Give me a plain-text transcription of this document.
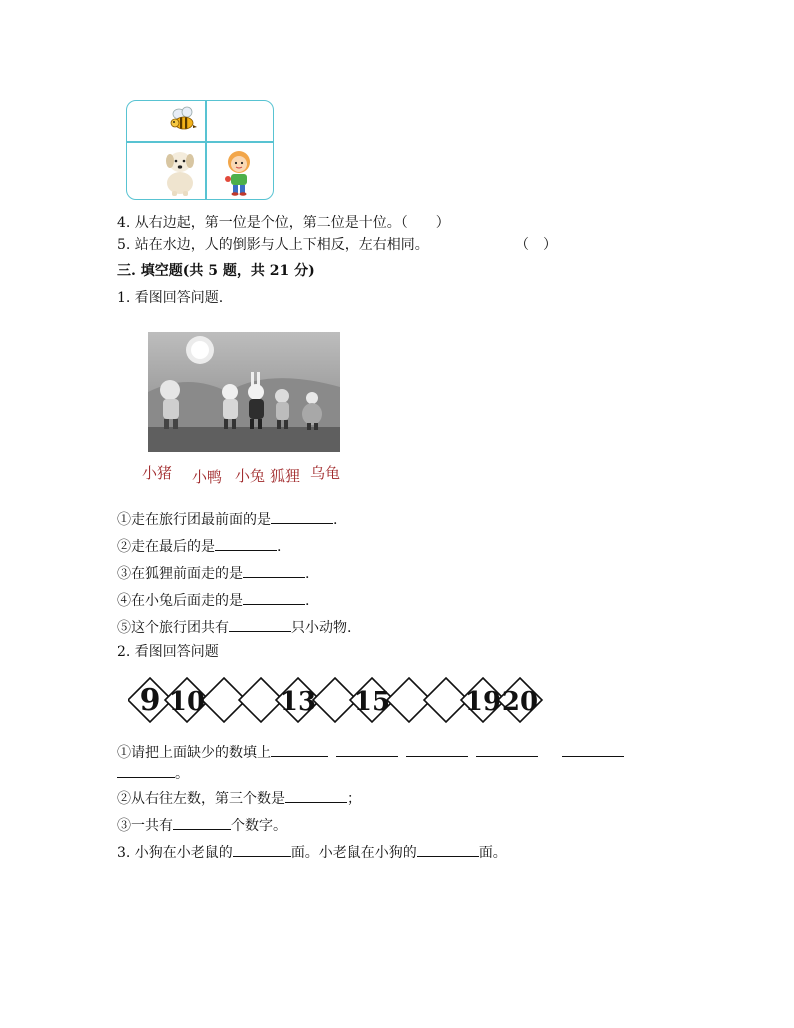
4. 从右边起，第一位是个位，第二位是十位。（　　）
5. 站在水边，人的倒影与人上下相反，左右相同。	（　）
三. 填空题(共 5 题，共 21 分)
1. 看图回答问题.
小猪 小鸭 小兔 狐狸 乌龟
①走在旅行团最前面的是	.
②走在最后的是	.
③在狐狸前面走的是	.
④在小兔后面走的是	.
⑤这个旅行团共有	只小动物.
2. 看图回答问题
9 10	13 15	19 20
①请把上面缺少的数填上
。
②从右往左数，第三个数是	；
③一共有	个数字。
3. 小狗在小老鼠的	面。小老鼠在小狗的	面。
